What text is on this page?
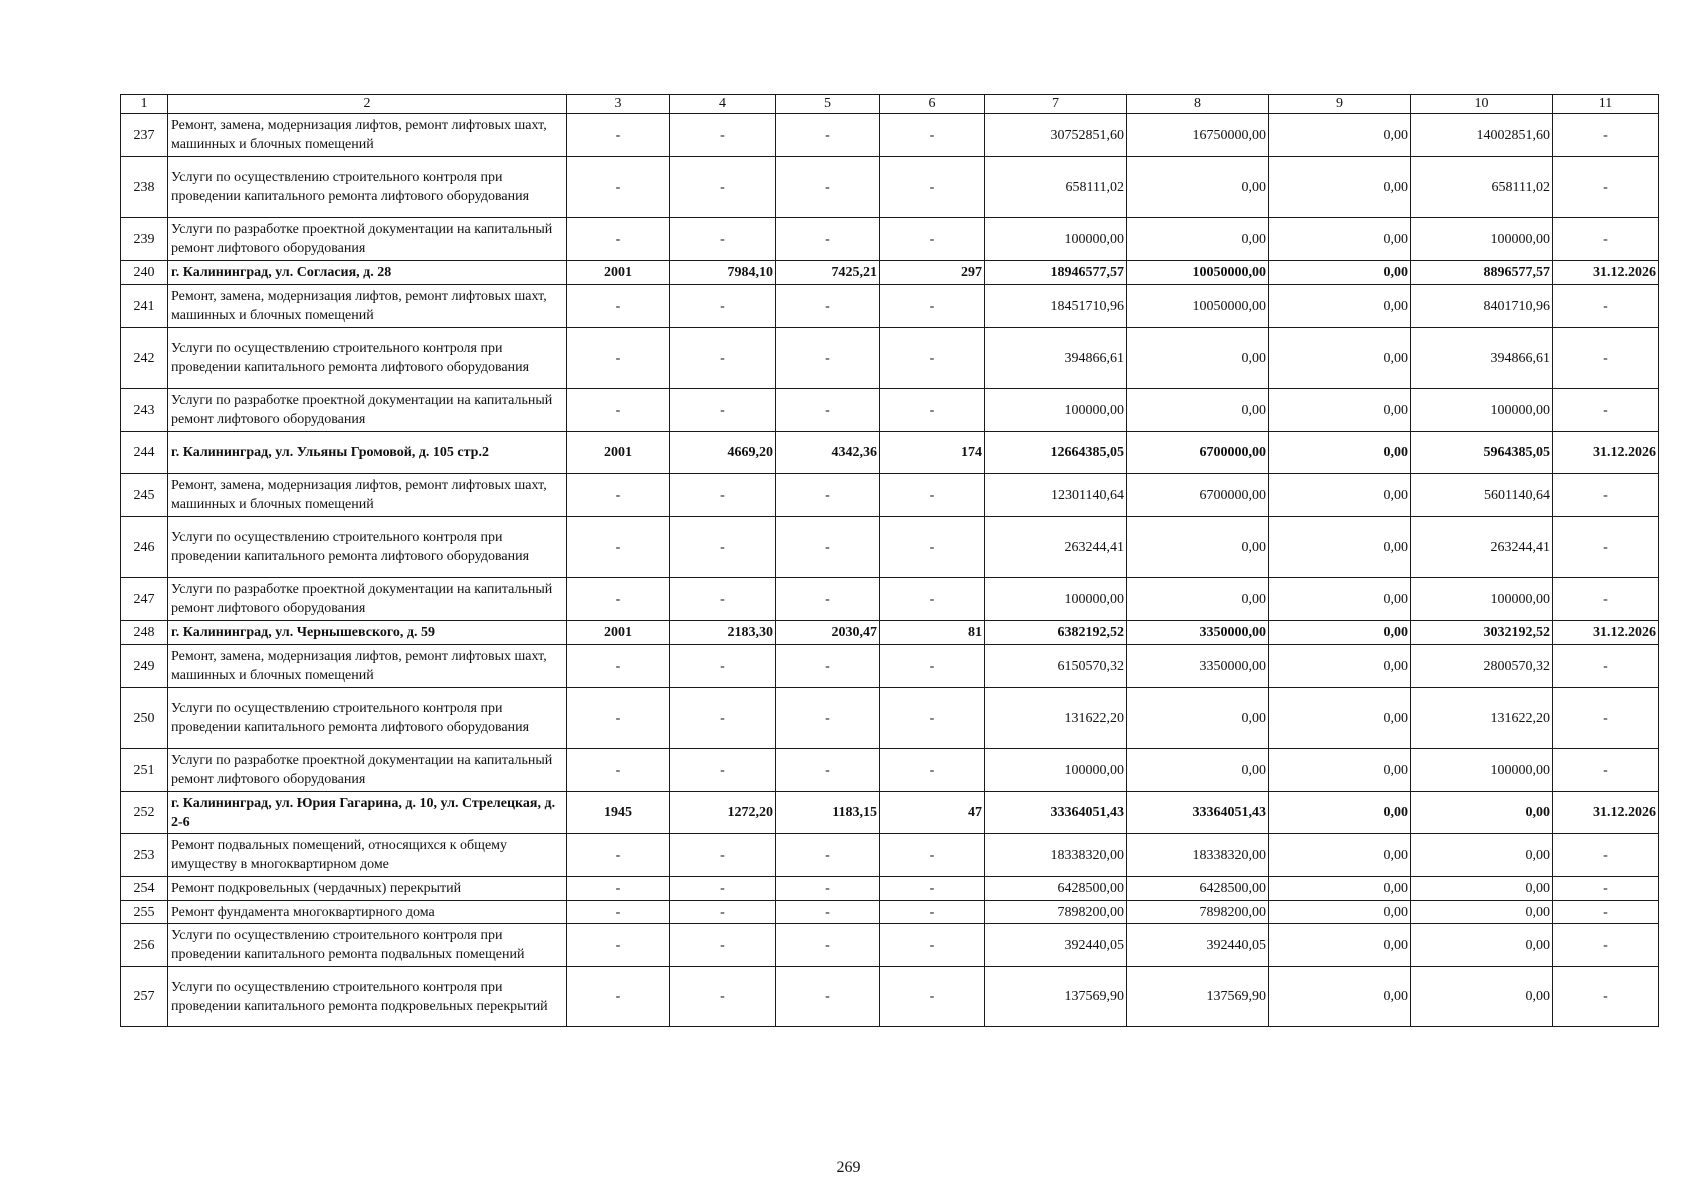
1	2	3	4	5	6	7	8	9	10	11
237	Ремонт, замена, модернизация лифтов, ремонт лифтовых шахт, машинных и блочных помещений	-	-	-	-	30752851,60	16750000,00	0,00	14002851,60	-
238	Услуги по осуществлению строительного контроля при проведении капитального ремонта лифтового оборудования	-	-	-	-	658111,02	0,00	0,00	658111,02	-
239	Услуги по разработке проектной документации на капитальный ремонт лифтового оборудования	-	-	-	-	100000,00	0,00	0,00	100000,00	-
240	г. Калининград, ул. Согласия, д. 28	2001	7984,10	7425,21	297	18946577,57	10050000,00	0,00	8896577,57	31.12.2026
241	Ремонт, замена, модернизация лифтов, ремонт лифтовых шахт, машинных и блочных помещений	-	-	-	-	18451710,96	10050000,00	0,00	8401710,96	-
242	Услуги по осуществлению строительного контроля при проведении капитального ремонта лифтового оборудования	-	-	-	-	394866,61	0,00	0,00	394866,61	-
243	Услуги по разработке проектной документации на капитальный ремонт лифтового оборудования	-	-	-	-	100000,00	0,00	0,00	100000,00	-
244	г. Калининград, ул. Ульяны Громовой, д. 105 стр.2	2001	4669,20	4342,36	174	12664385,05	6700000,00	0,00	5964385,05	31.12.2026
245	Ремонт, замена, модернизация лифтов, ремонт лифтовых шахт, машинных и блочных помещений	-	-	-	-	12301140,64	6700000,00	0,00	5601140,64	-
246	Услуги по осуществлению строительного контроля при проведении капитального ремонта лифтового оборудования	-	-	-	-	263244,41	0,00	0,00	263244,41	-
247	Услуги по разработке проектной документации на капитальный ремонт лифтового оборудования	-	-	-	-	100000,00	0,00	0,00	100000,00	-
248	г. Калининград, ул. Чернышевского, д. 59	2001	2183,30	2030,47	81	6382192,52	3350000,00	0,00	3032192,52	31.12.2026
249	Ремонт, замена, модернизация лифтов, ремонт лифтовых шахт, машинных и блочных помещений	-	-	-	-	6150570,32	3350000,00	0,00	2800570,32	-
250	Услуги по осуществлению строительного контроля при проведении капитального ремонта лифтового оборудования	-	-	-	-	131622,20	0,00	0,00	131622,20	-
251	Услуги по разработке проектной документации на капитальный ремонт лифтового оборудования	-	-	-	-	100000,00	0,00	0,00	100000,00	-
252	г. Калининград, ул. Юрия Гагарина, д. 10, ул. Стрелецкая, д. 2-6	1945	1272,20	1183,15	47	33364051,43	33364051,43	0,00	0,00	31.12.2026
253	Ремонт подвальных помещений, относящихся к общему имуществу в многоквартирном доме	-	-	-	-	18338320,00	18338320,00	0,00	0,00	-
254	Ремонт подкровельных (чердачных) перекрытий	-	-	-	-	6428500,00	6428500,00	0,00	0,00	-
255	Ремонт фундамента многоквартирного дома	-	-	-	-	7898200,00	7898200,00	0,00	0,00	-
256	Услуги по осуществлению строительного контроля при проведении капитального ремонта подвальных помещений	-	-	-	-	392440,05	392440,05	0,00	0,00	-
257	Услуги по осуществлению строительного контроля при проведении капитального ремонта подкровельных перекрытий	-	-	-	-	137569,90	137569,90	0,00	0,00	-
269
